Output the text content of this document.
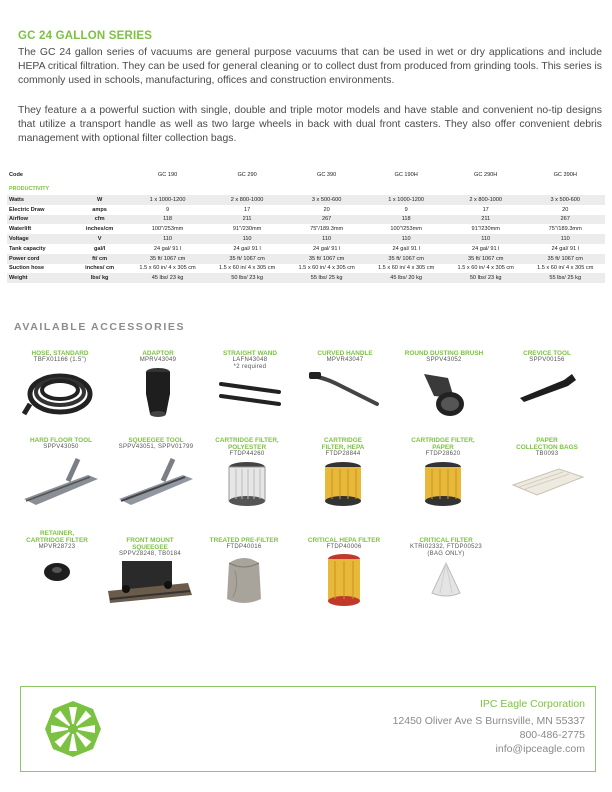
GC 24 GALLON SERIES

The GC 24 gallon series of vacuums are general purpose vacuums that can be used in wet or dry applications and include HEPA critical filtration. They can be used for general cleaning or to collect dust from produced from grinding tools. This series is commonly used in schools, manufacturing, offices and construction environments.

They feature a a powerful suction with single, double and triple motor models and have stable and convenient no-tip designs that utilize a transport handle as well as two large wheels in back with dual front casters. They also offer convenient debris management with optional filter collection bags.

Code		GC 190	GC 290	GC 390	GC 190H	GC 290H	GC 390H
PRODUCTIVITY							
Watts	W	1 x 1000-1200	2 x 800-1000	3 x 500-600	1 x 1000-1200	2 x 800-1000	3 x 500-600
Electric Draw	amps	9	17	20	9	17	20
Airflow	cfm	118	211	267	118	211	267
Waterlift	inches/cm	100"/253mm	91"/230mm	75"/189.3mm	100"/253mm	91"/230mm	75"/189.3mm
Voltage	V	110	110	110	110	110	110
Tank capacity	gal/l	24 gal/ 91 l	24 gal/ 91 l	24 gal/ 91 l	24 gal/ 91 l	24 gal/ 91 l	24 gal/ 91 l
Power cord	ft/ cm	35 ft/ 1067 cm	35 ft/ 1067 cm	35 ft/ 1067 cm	35 ft/ 1067 cm	35 ft/ 1067 cm	35 ft/ 1067 cm
Suction hose	inches/ cm	1.5 x 60 in/ 4 x 305 cm	1.5 x 60 in/ 4 x 305 cm	1.5 x 60 in/ 4 x 305 cm	1.5 x 60 in/ 4 x 305 cm	1.5 x 60 in/ 4 x 305 cm	1.5 x 60 in/ 4 x 305 cm
Weight	lbs/ kg	45 lbs/ 23 kg	50 lbs/ 23 kg	55 lbs/ 25 kg	45 lbs/ 20 kg	50 lbs/ 23 kg	55 lbs/ 25 kg
AVAILABLE ACCESSORIES
HOSE, STANDARD
TBFX01166 (1.5")
ADAPTOR
MPRV43049
STRAIGHT WAND
LAFN43048
*2 required
CURVED HANDLE
MPVR43047
ROUND DUSTING BRUSH
SPPV43052
CREVICE TOOL
SPPV00156
HARD FLOOR TOOL
SPPV43050
SQUEEGEE TOOL
SPPV43051, SPPV01799
CARTRIDGE FILTER,
POLYESTER
FTDP44260
CARTRIDGE
FILTER, HEPA
FTDP28844
CARTRIDGE FILTER,
PAPER
FTDP28620
PAPER
COLLECTION BAGS
TB0093
RETAINER,
CARTRIDGE FILTER
MPVR28723
FRONT MOUNT
SQUEEGEE
SPPV28248, TB0184
TREATED PRE-FILTER
FTDP40016
CRITICAL HEPA FILTER
FTDP40006
CRITICAL FILTER
KTRI02332, FTDP00523
(BAG ONLY)
IPC Eagle Corporation
12450 Oliver Ave S Burnsville, MN 55337
800-486-2775
info@ipceagle.com
